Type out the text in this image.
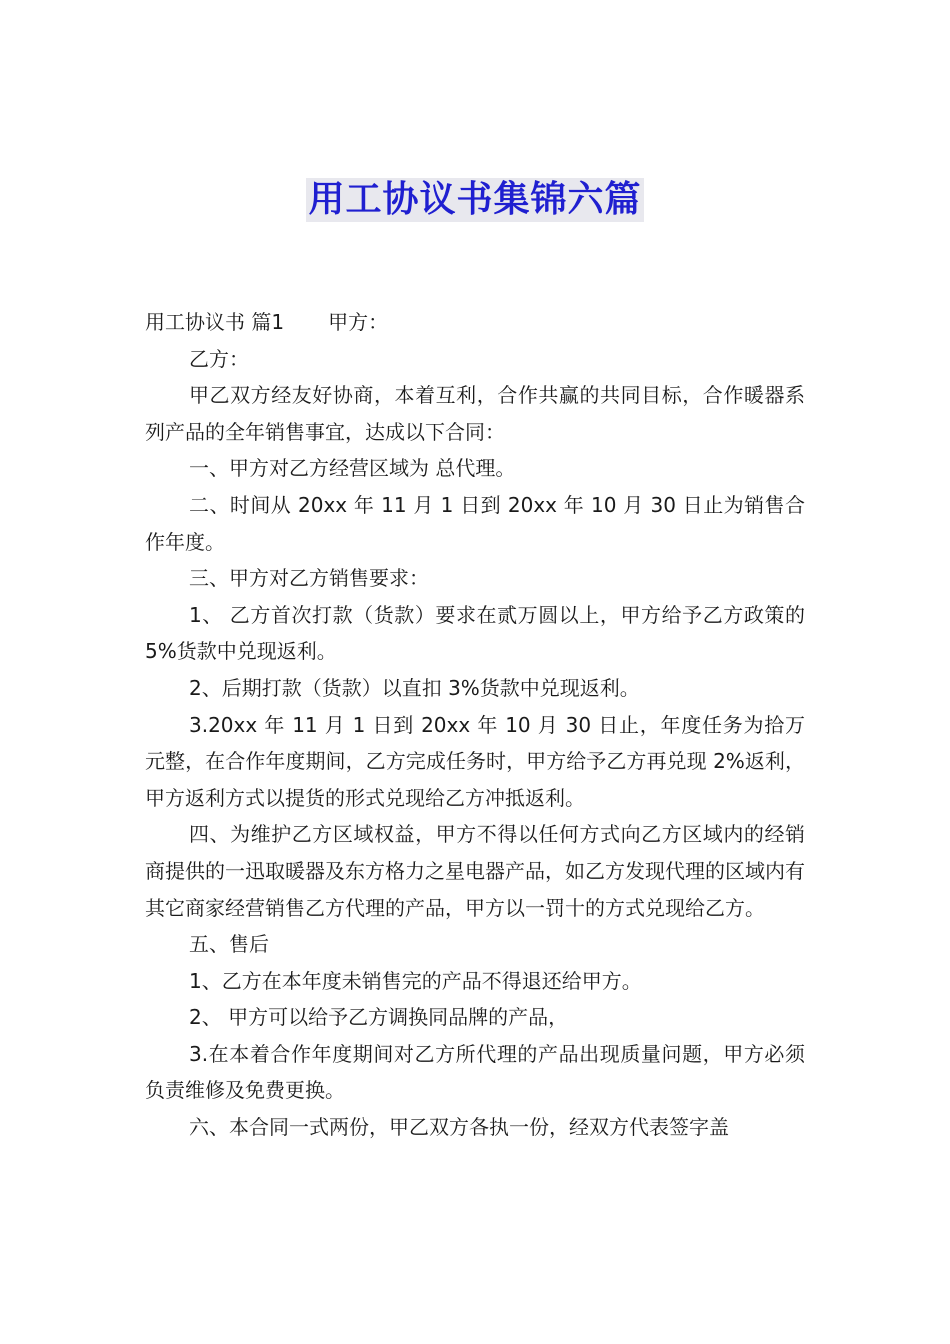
用工协议书集锦六篇

用工协议书 篇1 甲方：

乙方：

甲乙双方经友好协商，本着互利，合作共赢的共同目标，合作暖器系列产品的全年销售事宜，达成以下合同：

一、甲方对乙方经营区域为 总代理。

二、时间从 20xx 年 11 月 1 日到 20xx 年 10 月 30 日止为销售合作年度。

三、甲方对乙方销售要求：

1、 乙方首次打款（货款）要求在贰万圆以上，甲方给予乙方政策的 5%货款中兑现返利。

2、后期打款（货款）以直扣 3%货款中兑现返利。

3.20xx 年 11 月 1 日到 20xx 年 10 月 30 日止，年度任务为拾万元整，在合作年度期间，乙方完成任务时，甲方给予乙方再兑现 2%返利，甲方返利方式以提货的形式兑现给乙方冲抵返利。

四、为维护乙方区域权益，甲方不得以任何方式向乙方区域内的经销商提供的一迅取暖器及东方格力之星电器产品，如乙方发现代理的区域内有其它商家经营销售乙方代理的产品，甲方以一罚十的方式兑现给乙方。

五、售后

1、乙方在本年度未销售完的产品不得退还给甲方。

2、 甲方可以给予乙方调换同品牌的产品，

3.在本着合作年度期间对乙方所代理的产品出现质量问题，甲方必须负责维修及免费更换。

六、本合同一式两份，甲乙双方各执一份，经双方代表签字盖
